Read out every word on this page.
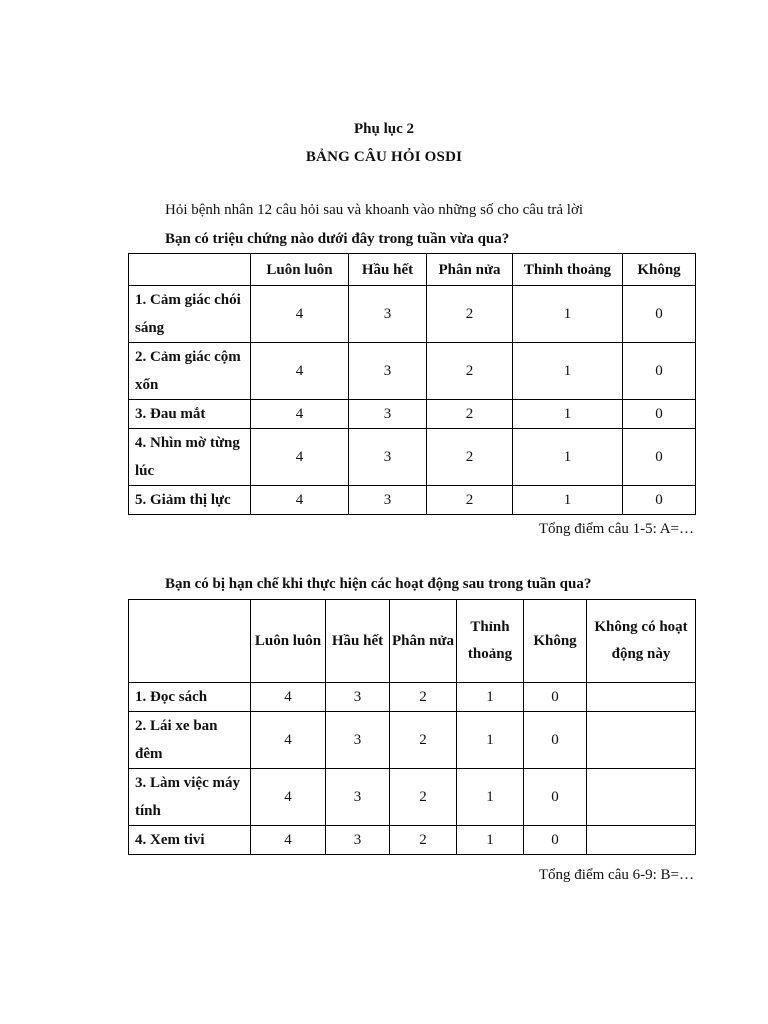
Phụ lục 2
BẢNG CÂU HỎI OSDI
Hỏi bệnh nhân 12 câu hỏi sau và khoanh vào những số cho câu trả lời
Bạn có triệu chứng nào dưới đây trong tuần vừa qua?
	Luôn luôn	Hầu hết	Phân nửa	Thỉnh thoảng	Không
1. Cảm giác chói sáng	4	3	2	1	0
2. Cảm giác cộm xốn	4	3	2	1	0
3. Đau mắt	4	3	2	1	0
4. Nhìn mờ từng lúc	4	3	2	1	0
5. Giảm thị lực	4	3	2	1	0
Tổng điểm câu 1-5: A=…
Bạn có bị hạn chế khi thực hiện các hoạt động sau trong tuần qua?
	Luôn luôn	Hầu hết	Phân nửa	Thỉnh thoảng	Không	Không có hoạt động này
1. Đọc sách	4	3	2	1	0	
2. Lái xe ban đêm	4	3	2	1	0	
3. Làm việc máy tính	4	3	2	1	0	
4. Xem tivi	4	3	2	1	0	
Tổng điểm câu 6-9: B=…
